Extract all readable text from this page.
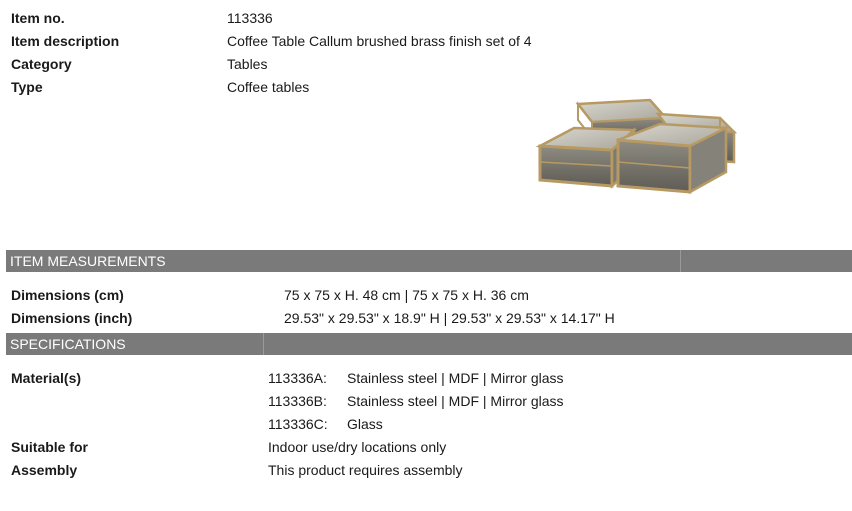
Item no.	113336
Item description	Coffee Table Callum brushed brass finish set of 4
Category	Tables
Type	Coffee tables
ITEM MEASUREMENTS
Dimensions (cm)	75 x 75 x H. 48 cm | 75 x 75 x H. 36 cm
Dimensions (inch)	29.53" x 29.53" x 18.9" H | 29.53" x 29.53" x 14.17" H
SPECIFICATIONS
Material(s)	113336A: Stainless steel | MDF | Mirror glass
113336B: Stainless steel | MDF | Mirror glass
113336C: Glass
Suitable for	Indoor use/dry locations only
Assembly	This product requires assembly
